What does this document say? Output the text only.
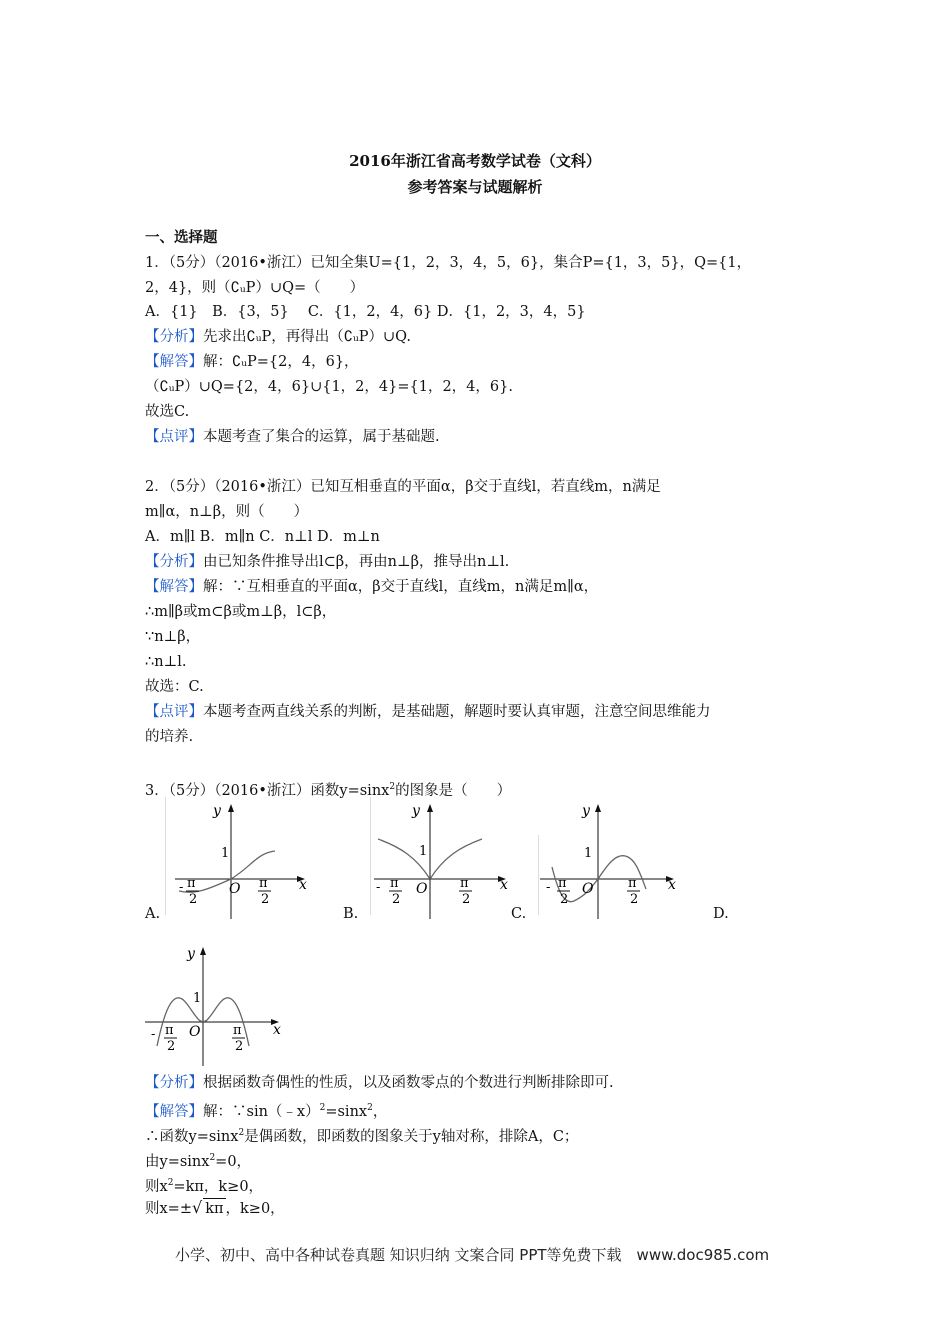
2016年浙江省高考数学试卷（文科）
参考答案与试题解析
一、选择题
1．（5分）（2016•浙江）已知全集U={1，2，3，4，5，6}，集合P={1，3，5}，Q={1，
2，4}，则（∁ᵤP）∪Q=（　　）
A．{1}　B．{3，5}　 C．{1，2，4，6} D．{1，2，3，4，5}
【分析】先求出∁ᵤP，再得出（∁ᵤP）∪Q.
【解答】解：∁ᵤP={2，4，6}，
（∁ᵤP）∪Q={2，4，6}∪{1，2，4}={1，2，4，6}.
故选C.
【点评】本题考查了集合的运算，属于基础题.
2．（5分）（2016•浙江）已知互相垂直的平面α，β交于直线l，若直线m，n满足
m∥α，n⊥β，则（　　）
A．m∥l B．m∥n C．n⊥l D．m⊥n
【分析】由已知条件推导出l⊂β，再由n⊥β，推导出n⊥l.
【解答】解：∵互相垂直的平面α，β交于直线l，直线m，n满足m∥α，
∴m∥β或m⊂β或m⊥β，l⊂β，
∵n⊥β，
∴n⊥l.
故选：C.
【点评】本题考查两直线关系的判断，是基础题，解题时要认真审题，注意空间思维能力
的培养.
3．（5分）（2016•浙江）函数y=sinx$^2$的图象是（　　）
y
x
1
O
- π
2
π
2
A.
y
x
1
O
- π
2
π
2
B.
y
x
1
O
- π
2
π
2
C.	D.
y
x
1
O
- π
2
π
2
【分析】根据函数奇偶性的性质，以及函数零点的个数进行判断排除即可.
【解答】解：∵sin（﹣x）$^2$=sinx$^2$，
∴函数y=sinx$^2$是偶函数，即函数的图象关于y轴对称，排除A，C；
由y=sinx$^2$=0，
则$x^2=k\pi$，k≥0，
则x=±√ kπ ，k≥0，
小学、初中、高中各种试卷真题 知识归纳 文案合同 PPT等免费下载　www.doc985.com
